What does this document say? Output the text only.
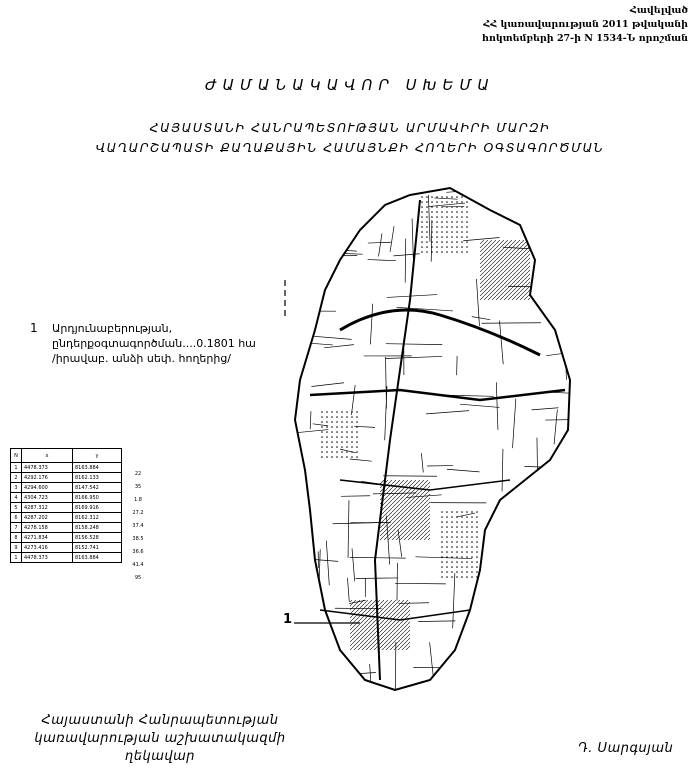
Հավելված
ՀՀ կառավարության 2011 թվականի
հոկտեմբերի 27-ի N 1534-Ն որոշման
ԺԱՄԱՆԱԿԱՎՈՐ ՍԽԵՄԱ
ՀԱՅԱՍՏԱՆԻ ՀԱՆՐԱՊԵՏՈՒԹՅԱՆ ԱՐՄԱՎԻՐԻ ՄԱՐԶԻ
ՎԱՂԱՐՇԱՊԱՏԻ ՔԱՂԱՔԱՅԻՆ ՀԱՄԱՅՆՔԻ ՀՈՂԵՐԻ ՕԳՏԱԳՈՐԾՄԱՆ
1 Արդյունաբերության,
ընդերքօգտագործման....0.1801 հա
/իրավաբ. անձի սեփ. հողերից/
N	x	y
1	4478.373	8163.884
2	4292.176	8162.133
3	4294.600	8147.542
4	4304.723	8166.950
5	4287.312	8169.916
6	4287.202	8162.312
7	4278.158	8158.248
8	4271.834	8156.528
9	4273.416	8152.741
1	4478.373	8163.884
22
35
1.8
27.2
37.4
38.5
36.6
41.4
95
1
Հայաստանի Հանրապետության
կառավարության աշխատակազմի
ղեկավար
Դ. Սարգսյան
